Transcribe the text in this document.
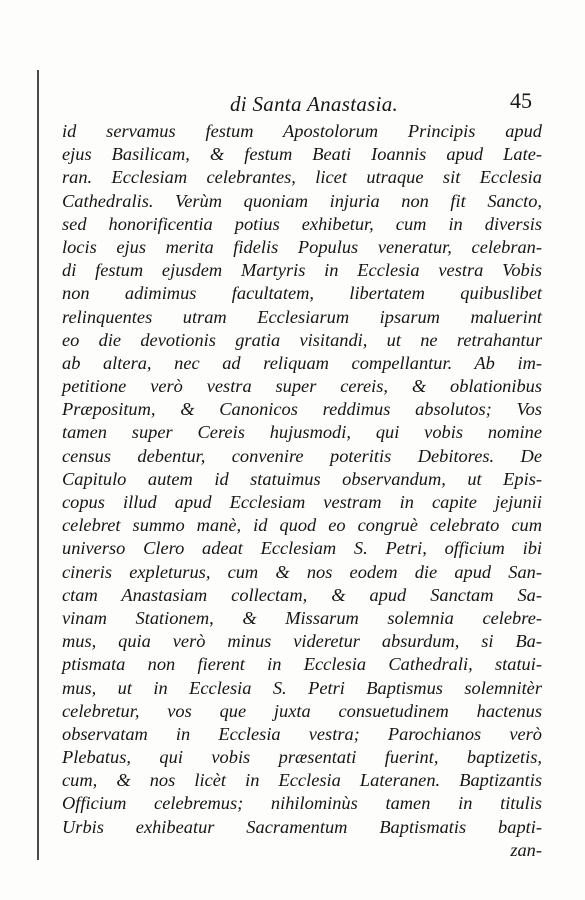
di Santa Anastasia.	45
id servamus festum Apostolorum Principis apud
ejus Basilicam, & festum Beati Ioannis apud Late-
ran. Ecclesiam celebrantes, licet utraque sit Ecclesia
Cathedralis. Verùm quoniam injuria non fit Sancto,
sed honorificentia potius exhibetur, cum in diversis
locis ejus merita fidelis Populus veneratur, celebran-
di festum ejusdem Martyris in Ecclesia vestra Vobis
non adimimus facultatem, libertatem quibuslibet
relinquentes utram Ecclesiarum ipsarum maluerint
eo die devotionis gratia visitandi, ut ne retrahantur
ab altera, nec ad reliquam compellantur. Ab im-
petitione verò vestra super cereis, & oblationibus
Præpositum, & Canonicos reddimus absolutos; Vos
tamen super Cereis hujusmodi, qui vobis nomine
census debentur, convenire poteritis Debitores. De
Capitulo autem id statuimus observandum, ut Epis-
copus illud apud Ecclesiam vestram in capite jejunii
celebret summo manè, id quod eo congruè celebrato cum
universo Clero adeat Ecclesiam S. Petri, officium ibi
cineris expleturus, cum & nos eodem die apud San-
ctam Anastasiam collectam, & apud Sanctam Sa-
vinam Stationem, & Missarum solemnia celebre-
mus, quia verò minus videretur absurdum, si Ba-
ptismata non fierent in Ecclesia Cathedrali, statui-
mus, ut in Ecclesia S. Petri Baptismus solemnitèr
celebretur, vos que juxta consuetudinem hactenus
observatam in Ecclesia vestra; Parochianos verò
Plebatus, qui vobis præsentati fuerint, baptizetis,
cum, & nos licèt in Ecclesia Lateranen. Baptizantis
Officium celebremus; nihilominùs tamen in titulis
Urbis exhibeatur Sacramentum Baptismatis bapti-
zan-
